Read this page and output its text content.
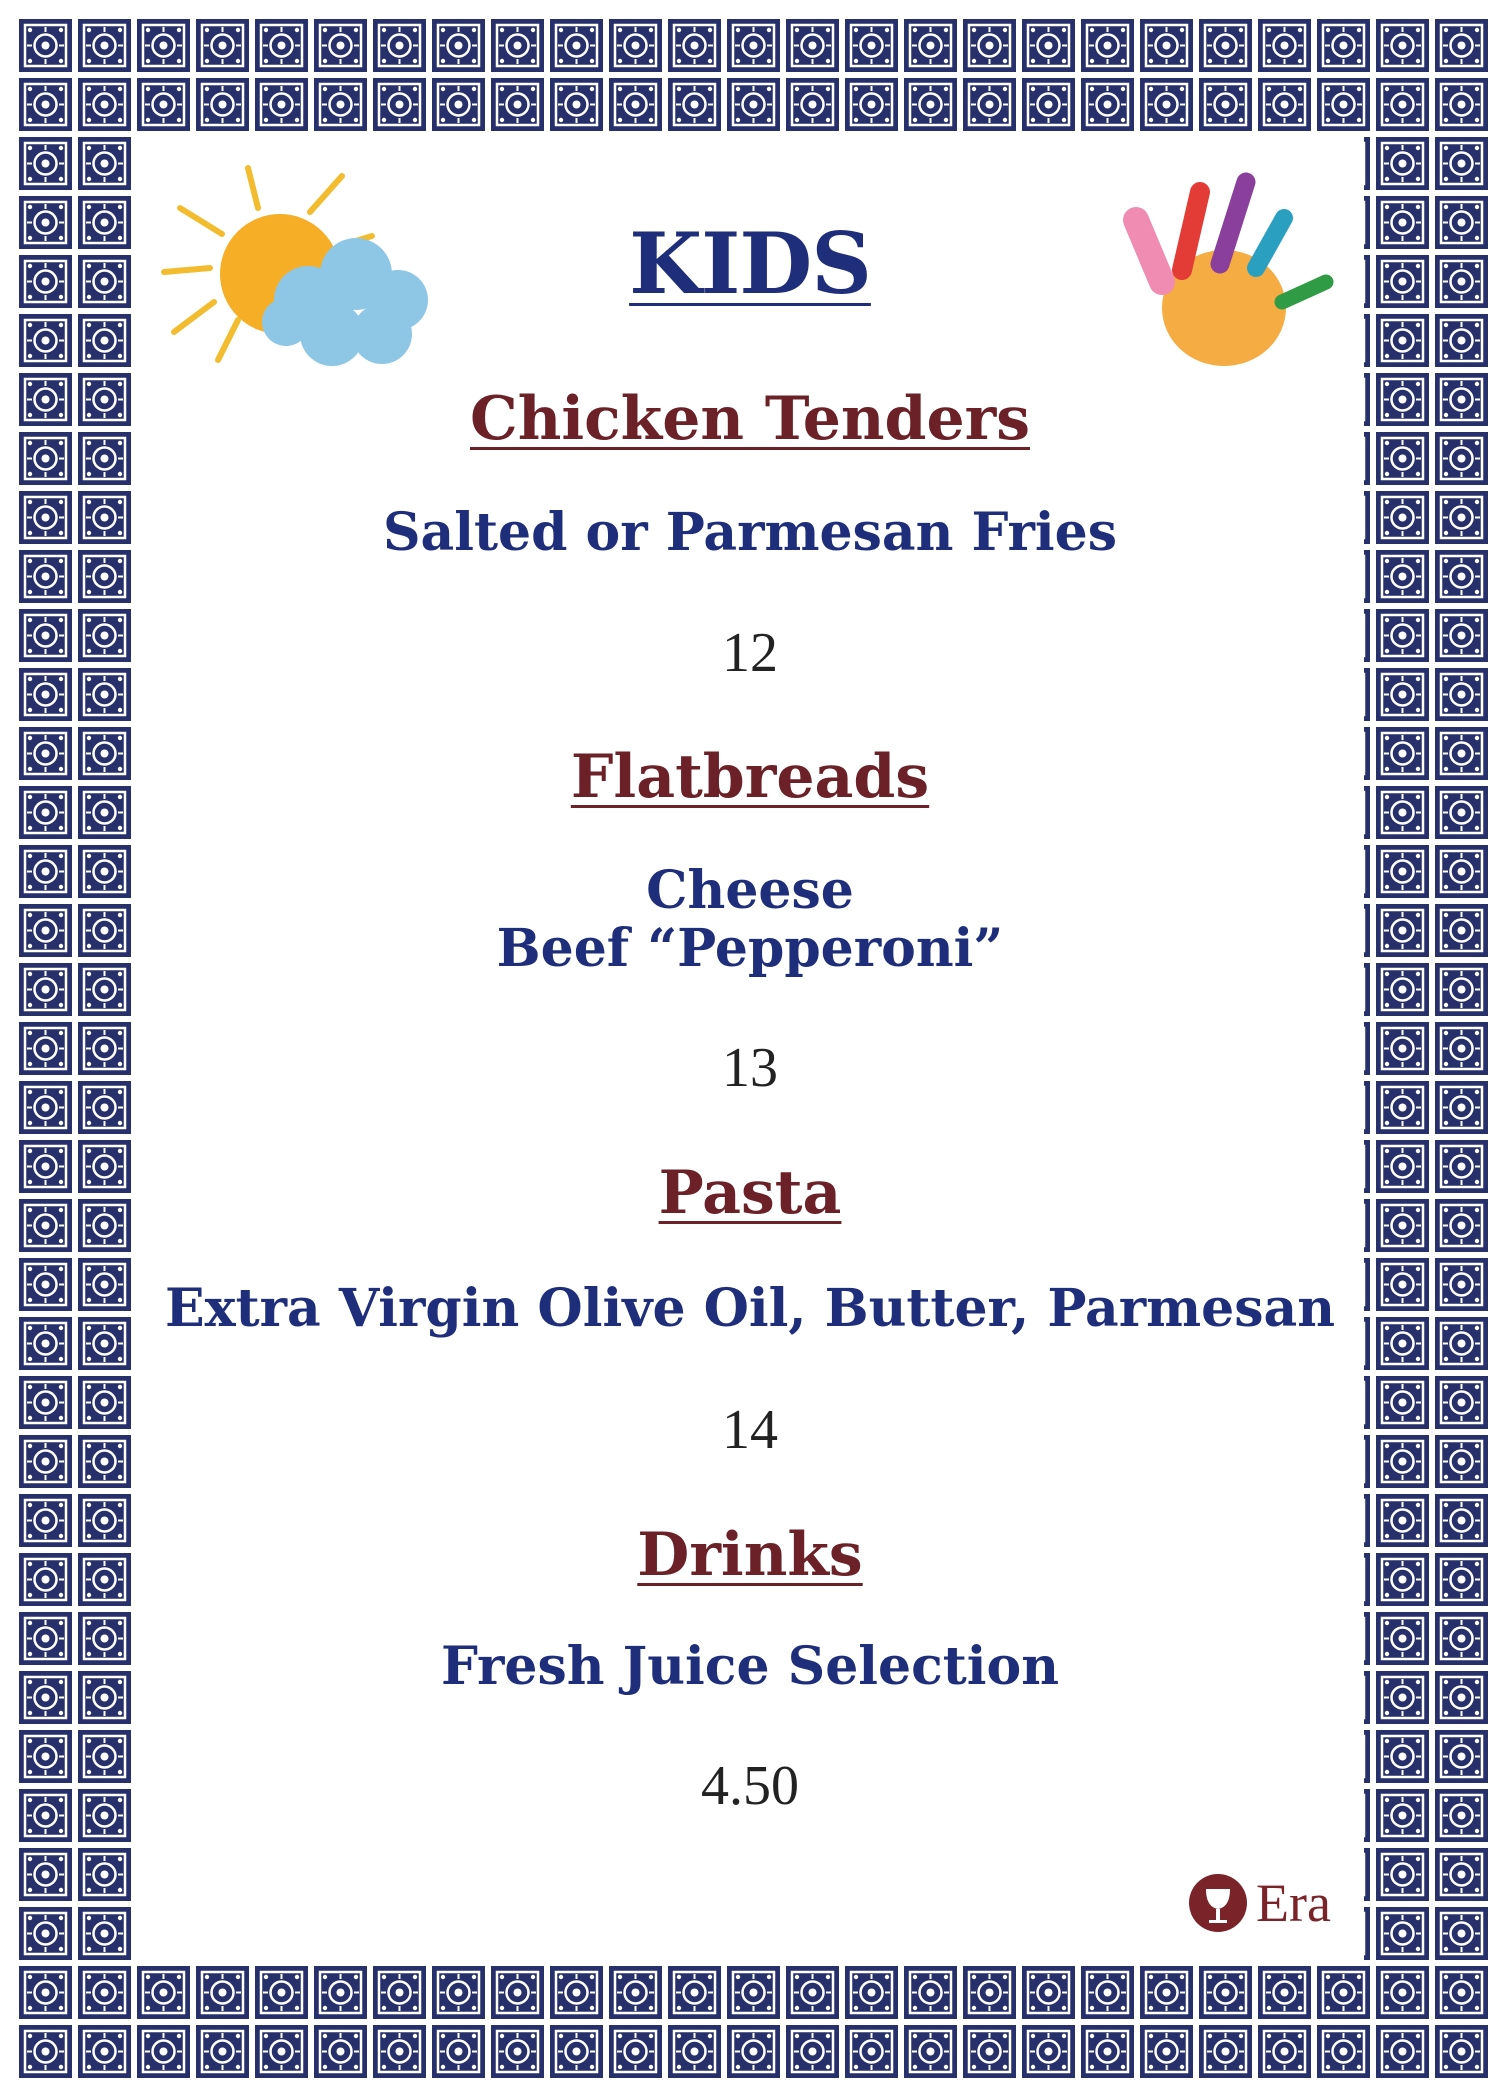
KIDS
Chicken Tenders
Salted or Parmesan Fries
12
Flatbreads
Cheese
Beef “Pepperoni”
13
Pasta
Extra Virgin Olive Oil, Butter, Parmesan
14
Drinks
Fresh Juice Selection
4.50
Era
